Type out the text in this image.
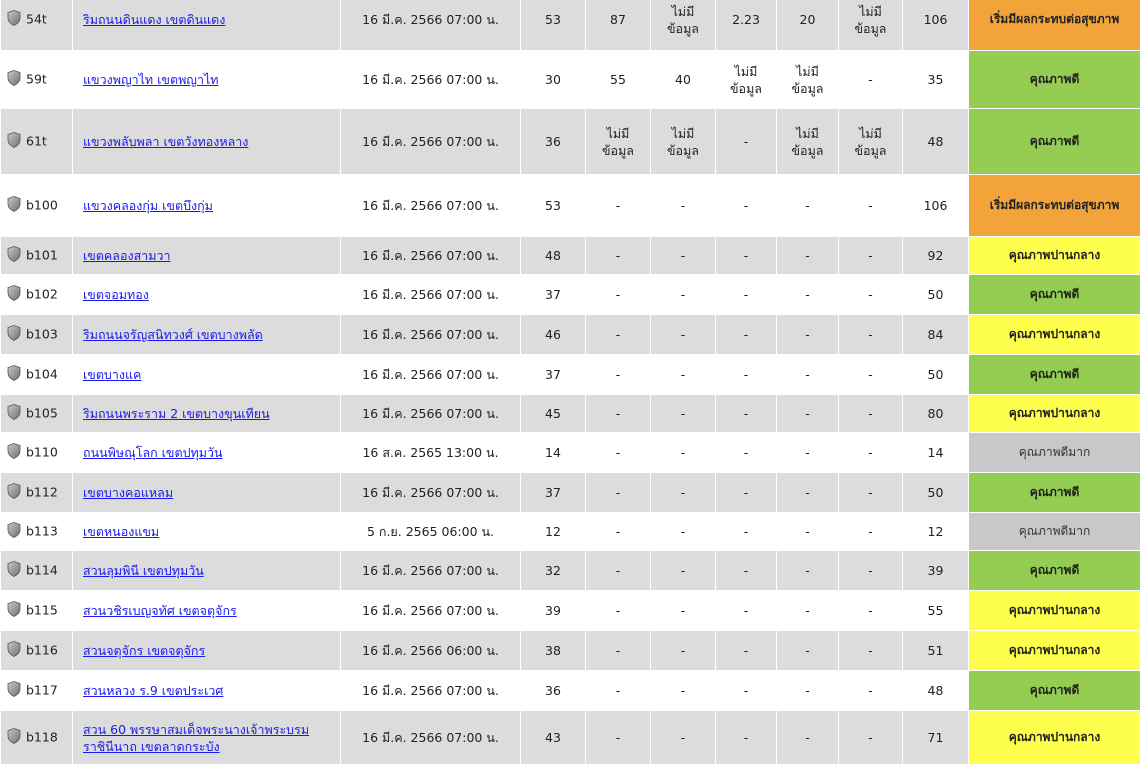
54t	ริมถนนดินแดง เขตดินแดง	16 มี.ค. 2566 07:00 น.	53	87	ไม่มี ข้อมูล	2.23	20	ไม่มี ข้อมูล	106	เริ่มมีผลกระทบต่อสุขภาพ
59t	แขวงพญาไท เขตพญาไท	16 มี.ค. 2566 07:00 น.	30	55	40	ไม่มี ข้อมูล	ไม่มี ข้อมูล	-	35	คุณภาพดี
61t	แขวงพลับพลา เขตวังทองหลาง	16 มี.ค. 2566 07:00 น.	36	ไม่มี ข้อมูล	ไม่มี ข้อมูล	-	ไม่มี ข้อมูล	ไม่มี ข้อมูล	48	คุณภาพดี
b100	แขวงคลองกุ่ม เขตบึงกุ่ม	16 มี.ค. 2566 07:00 น.	53	-	-	-	-	-	106	เริ่มมีผลกระทบต่อสุขภาพ
b101	เขตคลองสามวา	16 มี.ค. 2566 07:00 น.	48	-	-	-	-	-	92	คุณภาพปานกลาง
b102	เขตจอมทอง	16 มี.ค. 2566 07:00 น.	37	-	-	-	-	-	50	คุณภาพดี
b103	ริมถนนจรัญสนิทวงศ์ เขตบางพลัด	16 มี.ค. 2566 07:00 น.	46	-	-	-	-	-	84	คุณภาพปานกลาง
b104	เขตบางแค	16 มี.ค. 2566 07:00 น.	37	-	-	-	-	-	50	คุณภาพดี
b105	ริมถนนพระราม 2 เขตบางขุนเทียน	16 มี.ค. 2566 07:00 น.	45	-	-	-	-	-	80	คุณภาพปานกลาง
b110	ถนนพิษณุโลก เขตปทุมวัน	16 ส.ค. 2565 13:00 น.	14	-	-	-	-	-	14	คุณภาพดีมาก
b112	เขตบางคอแหลม	16 มี.ค. 2566 07:00 น.	37	-	-	-	-	-	50	คุณภาพดี
b113	เขตหนองแขม	5 ก.ย. 2565 06:00 น.	12	-	-	-	-	-	12	คุณภาพดีมาก
b114	สวนลุมพินี เขตปทุมวัน	16 มี.ค. 2566 07:00 น.	32	-	-	-	-	-	39	คุณภาพดี
b115	สวนวชิรเบญจทัศ เขตจตุจักร	16 มี.ค. 2566 07:00 น.	39	-	-	-	-	-	55	คุณภาพปานกลาง
b116	สวนจตุจักร เขตจตุจักร	16 มี.ค. 2566 06:00 น.	38	-	-	-	-	-	51	คุณภาพปานกลาง
b117	สวนหลวง ร.9 เขตประเวศ	16 มี.ค. 2566 07:00 น.	36	-	-	-	-	-	48	คุณภาพดี
b118	สวน 60 พรรษาสมเด็จพระนางเจ้าพระบรมราชินีนาถ เขตลาดกระบัง	16 มี.ค. 2566 07:00 น.	43	-	-	-	-	-	71	คุณภาพปานกลาง
